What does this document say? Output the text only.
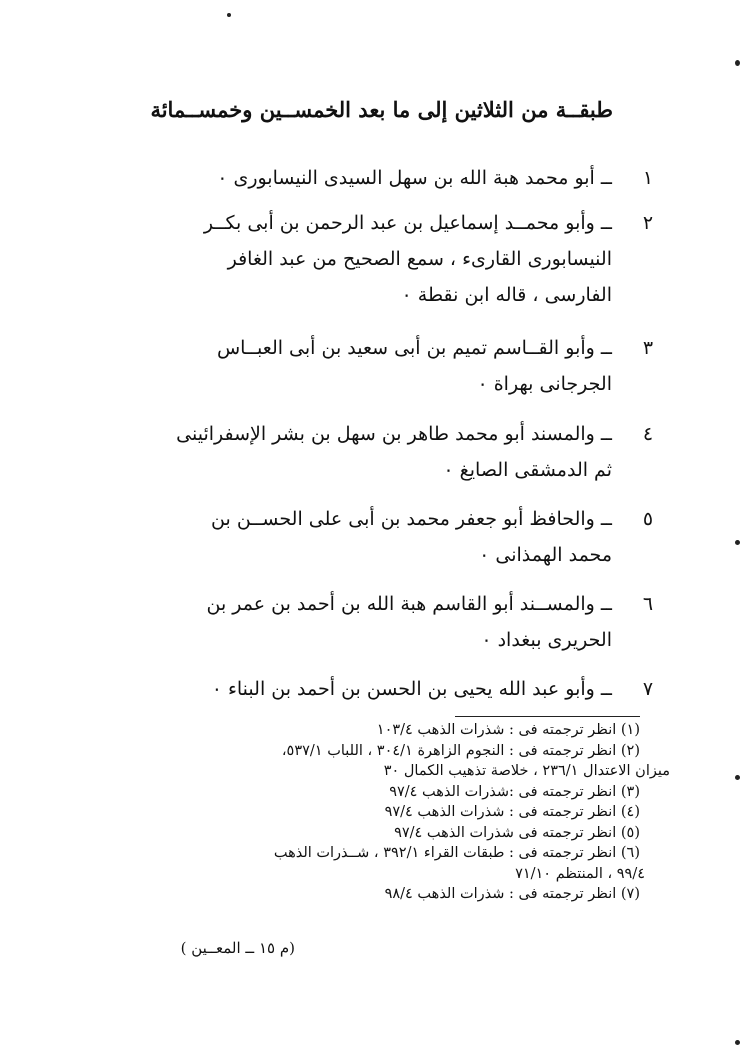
طبقــة من الثلاثين إلى ما بعد الخمســين وخمســمائة
١
ــ أبو محمد هبة الله بن سهل السيدى النيسابورى ٠
٢
ــ وأبو محمــد إسماعيل بن عبد الرحمن بن أبى بكــر
النيسابورى القارىء ، سمع الصحيح من عبد الغافر
الفارسى ، قاله ابن نقطة ٠
٣
ــ وأبو القــاسم تميم بن أبى سعيد بن أبى العبــاس
الجرجانى بهراة ٠
٤
ــ والمسند أبو محمد طاهر بن سهل بن بشر الإسفرائينى
ثم الدمشقى الصايغ ٠
٥
ــ والحافظ أبو جعفر محمد بن أبى على الحســن بن
محمد الهمذانى ٠
٦
ــ والمســند أبو القاسم هبة الله بن أحمد بن عمر بن
الحريرى ببغداد ٠
٧
ــ وأبو عبد الله يحيى بن الحسن بن أحمد بن البناء ٠
(١) انظر ترجمته فى : شذرات الذهب ١٠٣/٤
(٢) انظر ترجمته فى : النجوم الزاهرة ٣٠٤/١ ، اللباب ٥٣٧/١،
ميزان الاعتدال ٢٣٦/١ ، خلاصة تذهيب الكمال ٣٠
(٣) انظر ترجمته فى :شذرات الذهب ٩٧/٤
(٤) انظر ترجمته فى : شذرات الذهب ٩٧/٤
(٥) انظر ترجمته فى شذرات الذهب ٩٧/٤
(٦) انظر ترجمته فى : طبقات القراء ٣٩٢/١ ، شــذرات الذهب
٩٩/٤ ، المنتظم ٧١/١٠
(٧) انظر ترجمته فى : شذرات الذهب ٩٨/٤
(م ١٥ ــ المعــين )
